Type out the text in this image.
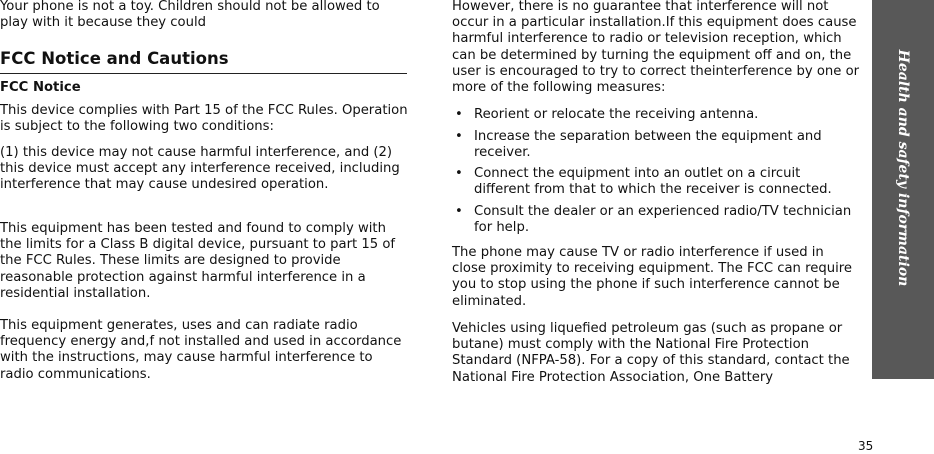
Your phone is not a toy. Children should not be allowed to play with it because they could

FCC Notice and Cautions
FCC Notice

This device complies with Part 15 of the FCC Rules. Operation is subject to the following two conditions:

(1) this device may not cause harmful interference, and (2) this device must accept any interference received, including interference that may cause undesired operation.

This equipment has been tested and found to comply with the limits for a Class B digital device, pursuant to part 15 of the FCC Rules. These limits are designed to provide reasonable protection against harmful interference in a residential installation.

This equipment generates, uses and can radiate radio frequency energy and,f not installed and used in accordance with the instructions, may cause harmful interference to radio communications.

However, there is no guarantee that interference will not occur in a particular installation.If this equipment does cause harmful interference to radio or television reception, which can be determined by turning the equipment off and on, the user is encouraged to try to correct theinterference by one or more of the following measures:

• Reorient or relocate the receiving antenna.
• Increase the separation between the equipment and receiver.
• Connect the equipment into an outlet on a circuit different from that to which the receiver is connected.
• Consult the dealer or an experienced radio/TV technician for help.

The phone may cause TV or radio interference if used in close proximity to receiving equipment. The FCC can require you to stop using the phone if such interference cannot be eliminated.

Vehicles using liquefied petroleum gas (such as propane or butane) must comply with the National Fire Protection Standard (NFPA-58). For a copy of this standard, contact the National Fire Protection Association, One Battery

Health and safety information
35
